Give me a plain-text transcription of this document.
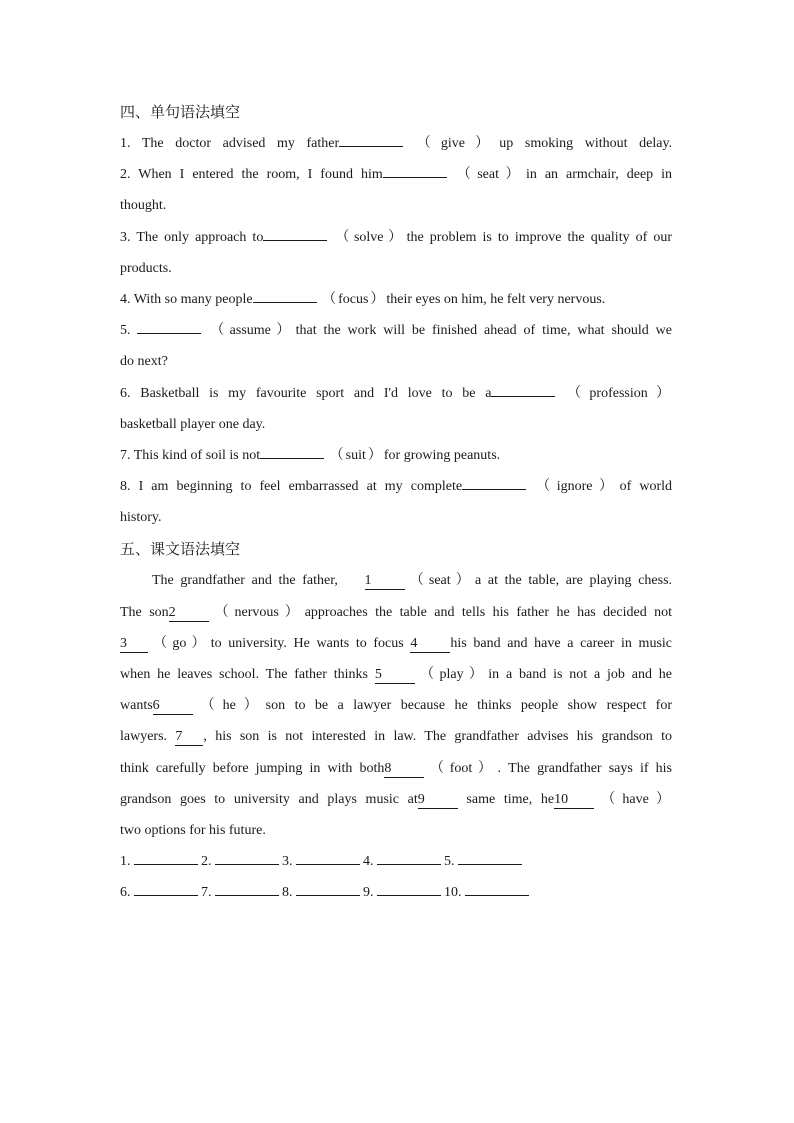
四、单句语法填空
1. The doctor advised my father	（ give ） up smoking without delay.
2. When I entered the room, I found him	（ seat ） in an armchair, deep in
thought.
3. The only approach to	（ solve ） the problem is to improve the quality of our
products.
4. With so many people	（ focus ） their eyes on him, he felt very nervous.
5.	（ assume ） that the work will be finished ahead of time, what should we
do next?
6. Basketball is my favourite sport and I'd love to be a	（ profession ）
basketball player one day.
7. This kind of soil is not	（ suit ） for growing peanuts.
8. I am beginning to feel embarrassed at my complete	（ ignore ） of world
history.
五、课文语法填空
The grandfather and the father, 1	（ seat ） a at the table, are playing chess.
The son2	（ nervous ） approaches the table and tells his father he has decided not
3 （ go ） to university. He wants to focus 4 his band and have a career in music
when he leaves school. The father thinks 5	（ play ） in a band is not a job and he
wants6	（ he ） son to be a lawyer because he thinks people show respect for
lawyers. 7 , his son is not interested in law. The grandfather advises his grandson to
think carefully before jumping in with both8	（ foot ） . The grandfather says if his
grandson goes to university and plays music at9	same time, he10 （ have ）
two options for his future.
1.	2.	3.	4.	5.
6.	7.	8.	9.	10.
